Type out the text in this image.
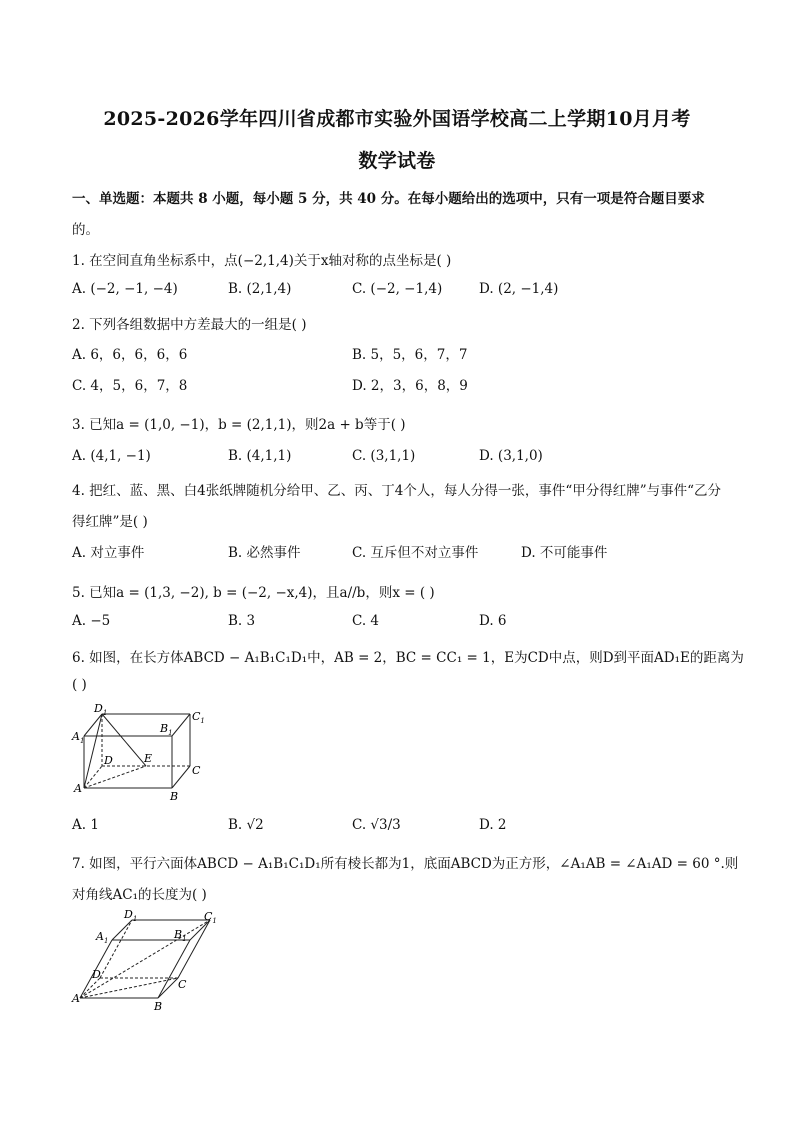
2025-2026学年四川省成都市实验外国语学校高二上学期10月月考
数学试卷
一、单选题：本题共 8 小题，每小题 5 分，共 40 分。在每小题给出的选项中，只有一项是符合题目要求
的。
1. 在空间直角坐标系中，点(−2,1,4)关于x轴对称的点坐标是( )
A. (−2, −1, −4)	B. (2,1,4)	C. (−2, −1,4)	D. (2, −1,4)
2. 下列各组数据中方差最大的一组是( )
A. 6，6，6，6，6	B. 5，5，6，7，7
C. 4，5，6，7，8	D. 2，3，6，8，9
3. 已知a = (1,0, −1)，b = (2,1,1)，则2a + b等于( )
A. (4,1, −1)	B. (4,1,1)	C. (3,1,1)	D. (3,1,0)
4. 把红、蓝、黑、白4张纸牌随机分给甲、乙、丙、丁4个人，每人分得一张，事件“甲分得红牌”与事件“乙分
得红牌”是( )
A. 对立事件	B. 必然事件	C. 互斥但不对立事件	D. 不可能事件
5. 已知a = (1,3, −2), b = (−2, −x,4)，且a//b，则x = ( )
A. −5	B. 3	C. 4	D. 6
6. 如图，在长方体ABCD − A₁B₁C₁D₁中，AB = 2，BC = CC₁ = 1，E为CD中点，则D到平面AD₁E的距离为
( )
$D_1$	$C_1$
$A_1$
$B_1$
D	E
C
A
B
A. 1	B. √2	C. √3/3	D. 2
7. 如图，平行六面体ABCD − A₁B₁C₁D₁所有棱长都为1，底面ABCD为正方形，∠A₁AB = ∠A₁AD = 60 °.则
对角线AC₁的长度为( )
$D_1$	$C_1$
$A_1$	$B_1$
D
C
A
B
